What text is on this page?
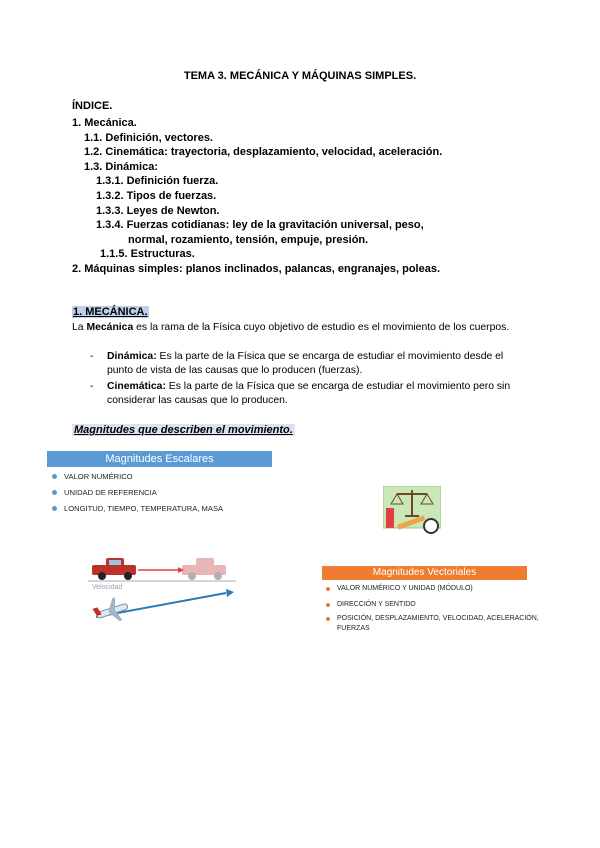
TEMA 3. MECÁNICA Y MÁQUINAS SIMPLES.
ÍNDICE.
1. Mecánica.
1.1. Definición, vectores.
1.2. Cinemática: trayectoria, desplazamiento, velocidad, aceleración.
1.3. Dinámica:
1.3.1. Definición fuerza.
1.3.2. Tipos de fuerzas.
1.3.3. Leyes de Newton.
1.3.4. Fuerzas cotidianas: ley de la gravitación universal, peso,
normal, rozamiento, tensión, empuje, presión.
1.1.5. Estructuras.
2. Máquinas simples: planos inclinados, palancas, engranajes, poleas.
1. MECÁNICA.
La Mecánica es la rama de la Física cuyo objetivo de estudio es el movimiento de los cuerpos.
- Dinámica: Es la parte de la Física que se encarga de estudiar el movimiento desde el punto de vista de las causas que lo producen (fuerzas).
- Cinemática: Es la parte de la Física que se encarga de estudiar el movimiento pero sin considerar las causas que lo producen.
Magnitudes que describen el movimiento.
Magnitudes Escalares
VALOR NUMÉRICO
UNIDAD DE REFERENCIA
LONGITUD, TIEMPO, TEMPERATURA, MASA
Velocidad
Magnitudes Vectoriales
VALOR NUMÉRICO Y UNIDAD (MÓDULO)
DIRECCIÓN Y SENTIDO
POSICIÓN, DESPLAZAMIENTO, VELOCIDAD, ACELERACIÓN,
FUERZAS
